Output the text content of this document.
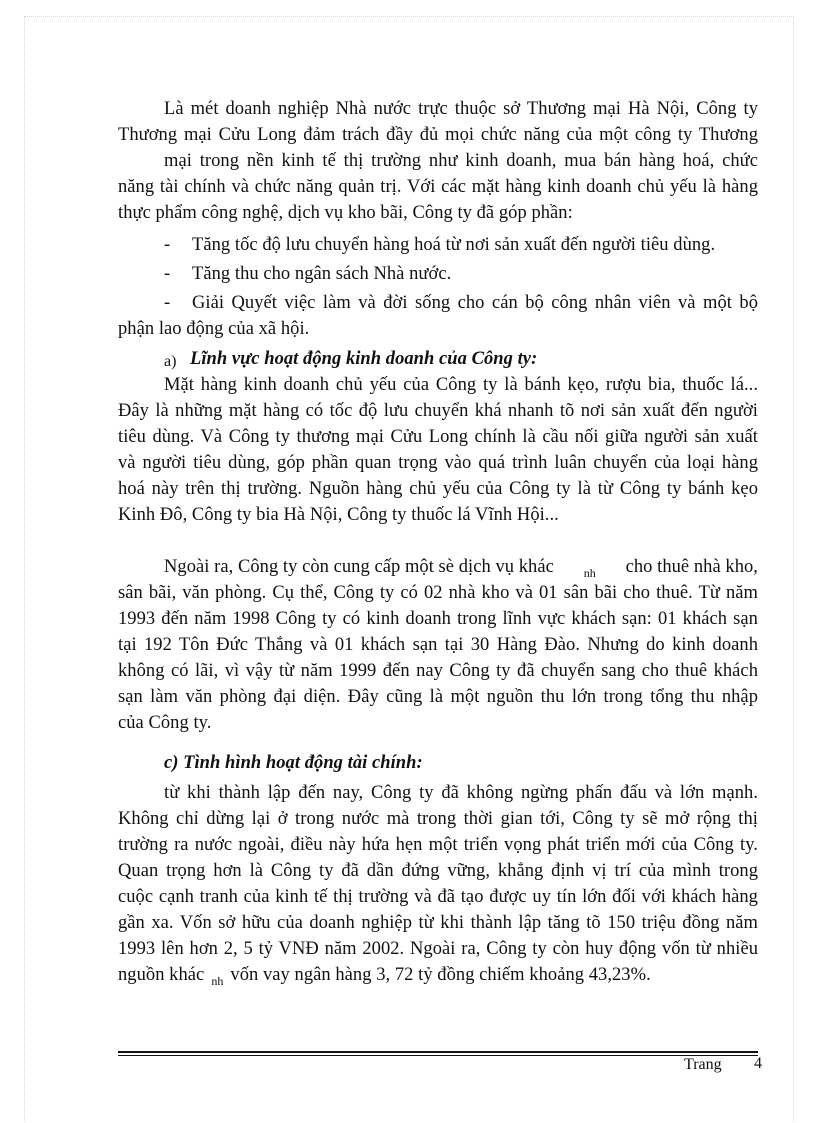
Là mét doanh nghiệp Nhà nước trực thuộc sở Thương mại Hà Nội, Công ty
Thương mại Cửu Long đảm trách đầy đủ mọi chức năng của một công ty Thương
mại trong nền kinh tế thị trường như kinh doanh, mua bán hàng hoá, chức
năng tài chính và chức năng quản trị. Với các mặt hàng kinh doanh chủ yếu là hàng
thực phẩm công nghệ, dịch vụ kho bãi, Công ty đã góp phần:
- Tăng tốc độ lưu chuyển hàng hoá từ nơi sản xuất đến người tiêu dùng.
- Tăng thu cho ngân sách Nhà nước.
- Giải Quyết việc làm và đời sống cho cán bộ công nhân viên và một bộ
phận lao động của xã hội.
a) Lĩnh vực hoạt động kinh doanh của Công ty:
Mặt hàng kinh doanh chủ yếu của Công ty là bánh kẹo, rượu bia, thuốc lá...
Đây là những mặt hàng có tốc độ lưu chuyển khá nhanh tõ nơi sản xuất đến người
tiêu dùng. Và Công ty thương mại Cửu Long chính là cầu nối giữa người sản xuất
và người tiêu dùng, góp phần quan trọng vào quá trình luân chuyển của loại hàng
hoá này trên thị trường. Nguồn hàng chủ yếu của Công ty là từ Công ty bánh kẹo
Kinh Đô, Công ty bia Hà Nội, Công ty thuốc lá Vĩnh Hội...
Ngoài ra, Công ty còn cung cấp một sè dịch vụ khác nh cho thuê nhà kho,
sân bãi, văn phòng. Cụ thể, Công ty có 02 nhà kho và 01 sân bãi cho thuê. Từ năm
1993 đến năm 1998 Công ty có kinh doanh trong lĩnh vực khách sạn: 01 khách sạn
tại 192 Tôn Đức Thắng và 01 khách sạn tại 30 Hàng Đào. Nhưng do kinh doanh
không có lãi, vì vậy từ năm 1999 đến nay Công ty đã chuyển sang cho thuê khách
sạn làm văn phòng đại diện. Đây cũng là một nguồn thu lớn trong tổng thu nhập
của Công ty.
c) Tình hình hoạt động tài chính:
từ khi thành lập đến nay, Công ty đã không ngừng phấn đấu và lớn mạnh.
Không chỉ dừng lại ở trong nước mà trong thời gian tới, Công ty sẽ mở rộng thị
trường ra nước ngoài, điều này hứa hẹn một triển vọng phát triển mới của Công ty.
Quan trọng hơn là Công ty đã dần đứng vững, khẳng định vị trí của mình trong
cuộc cạnh tranh của kinh tế thị trường và đã tạo được uy tín lớn đối với khách hàng
gần xa. Vốn sở hữu của doanh nghiệp từ khi thành lập tăng tõ 150 triệu đồng năm
1993 lên hơn 2, 5 tỷ VNĐ năm 2002. Ngoài ra, Công ty còn huy động vốn từ nhiều
nguồn khác nh vốn vay ngân hàng 3, 72 tỷ đồng chiếm khoảng 43,23%.
Trang 4
